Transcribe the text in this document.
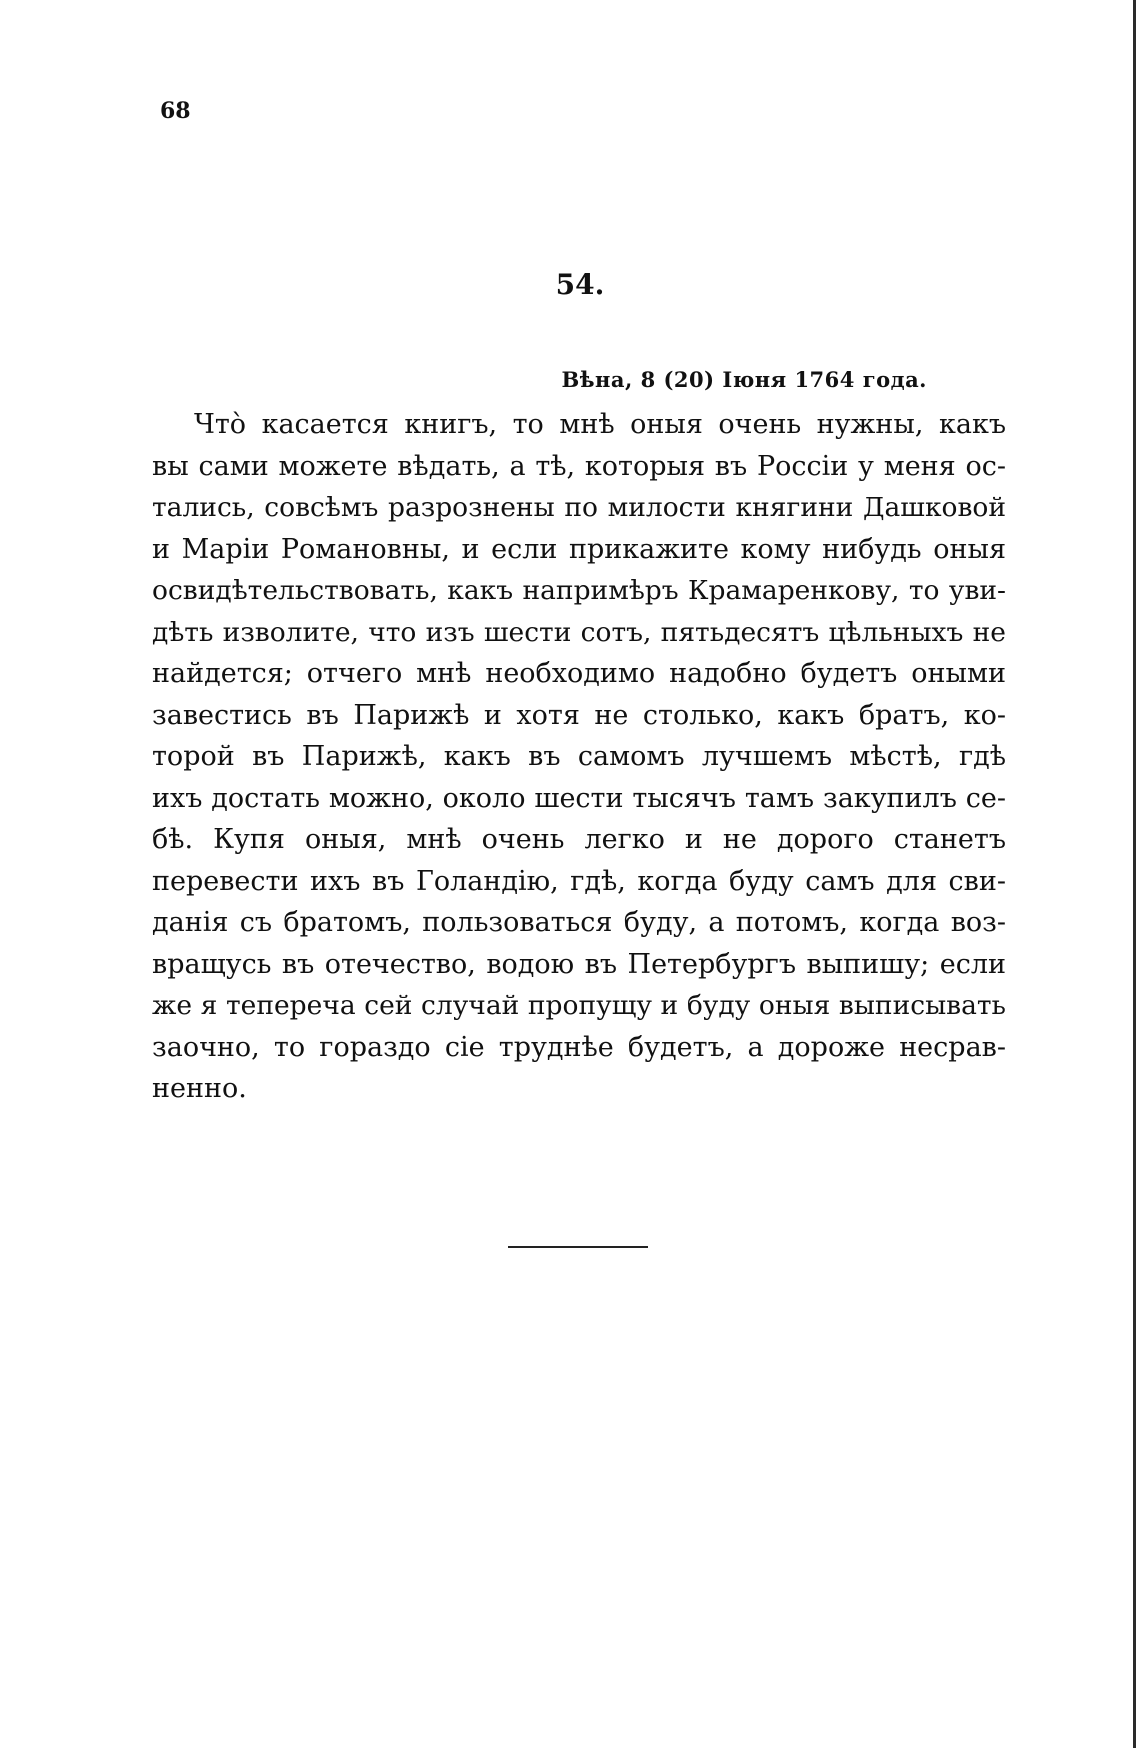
68
54.
Вѣна, 8 (20) Іюня 1764 года.
Чтò касается книгъ, то мнѣ оныя очень нужны, какъ
вы сами можете вѣдать, а тѣ, которыя въ Россіи у меня ос-
тались, совсѣмъ разрознены по милости княгини Дашковой
и Маріи Романовны, и если прикажите кому нибудь оныя
освидѣтельствовать, какъ напримѣръ Крамаренкову, то уви-
дѣть изволите, что изъ шести сотъ, пятьдесятъ цѣльныхъ не
найдется; отчего мнѣ необходимо надобно будетъ оными
завестись въ Парижѣ и хотя не столько, какъ братъ, ко-
торой въ Парижѣ, какъ въ самомъ лучшемъ мѣстѣ, гдѣ
ихъ достать можно, около шести тысячъ тамъ закупилъ се-
бѣ. Купя оныя, мнѣ очень легко и не дорого станетъ
перевести ихъ въ Голандію, гдѣ, когда буду самъ для сви-
данія съ братомъ, пользоваться буду, а потомъ, когда воз-
вращусь въ отечество, водою въ Петербургъ выпишу; если
же я тепереча сей случай пропущу и буду оныя выписывать
заочно, то гораздо сіе труднѣе будетъ, а дороже несрав-
ненно.
